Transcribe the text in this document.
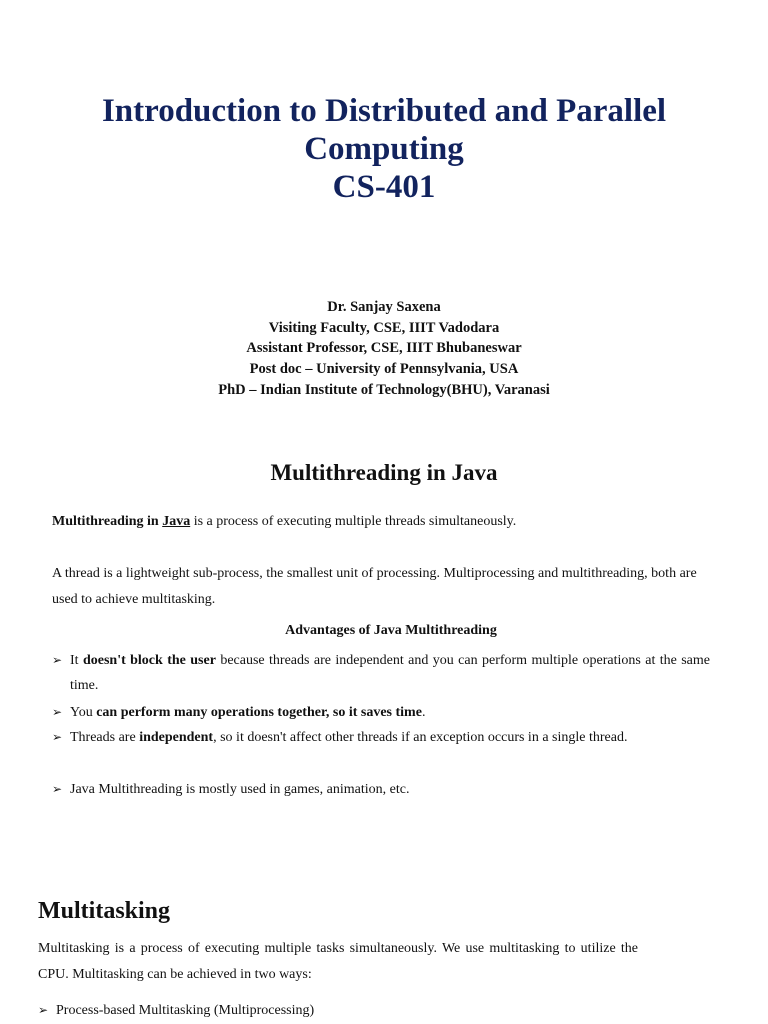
Introduction to Distributed and Parallel
Computing
CS-401
Dr. Sanjay Saxena
Visiting Faculty, CSE, IIIT Vadodara
Assistant Professor, CSE, IIIT Bhubaneswar
Post doc – University of Pennsylvania, USA
PhD – Indian Institute of Technology(BHU), Varanasi
Multithreading in Java

Multithreading in Java is a process of executing multiple threads simultaneously.

A thread is a lightweight sub-process, the smallest unit of processing. Multiprocessing and multithreading, both are used to achieve multitasking.

Advantages of Java Multithreading

➢ It doesn't block the user because threads are independent and you can perform multiple operations at the same time.

➢ You can perform many operations together, so it saves time.

➢ Threads are independent, so it doesn't affect other threads if an exception occurs in a single thread.

➢ Java Multithreading is mostly used in games, animation, etc.

Multitasking

Multitasking is a process of executing multiple tasks simultaneously. We use multitasking to utilize the CPU. Multitasking can be achieved in two ways:

➢ Process-based Multitasking (Multiprocessing)
